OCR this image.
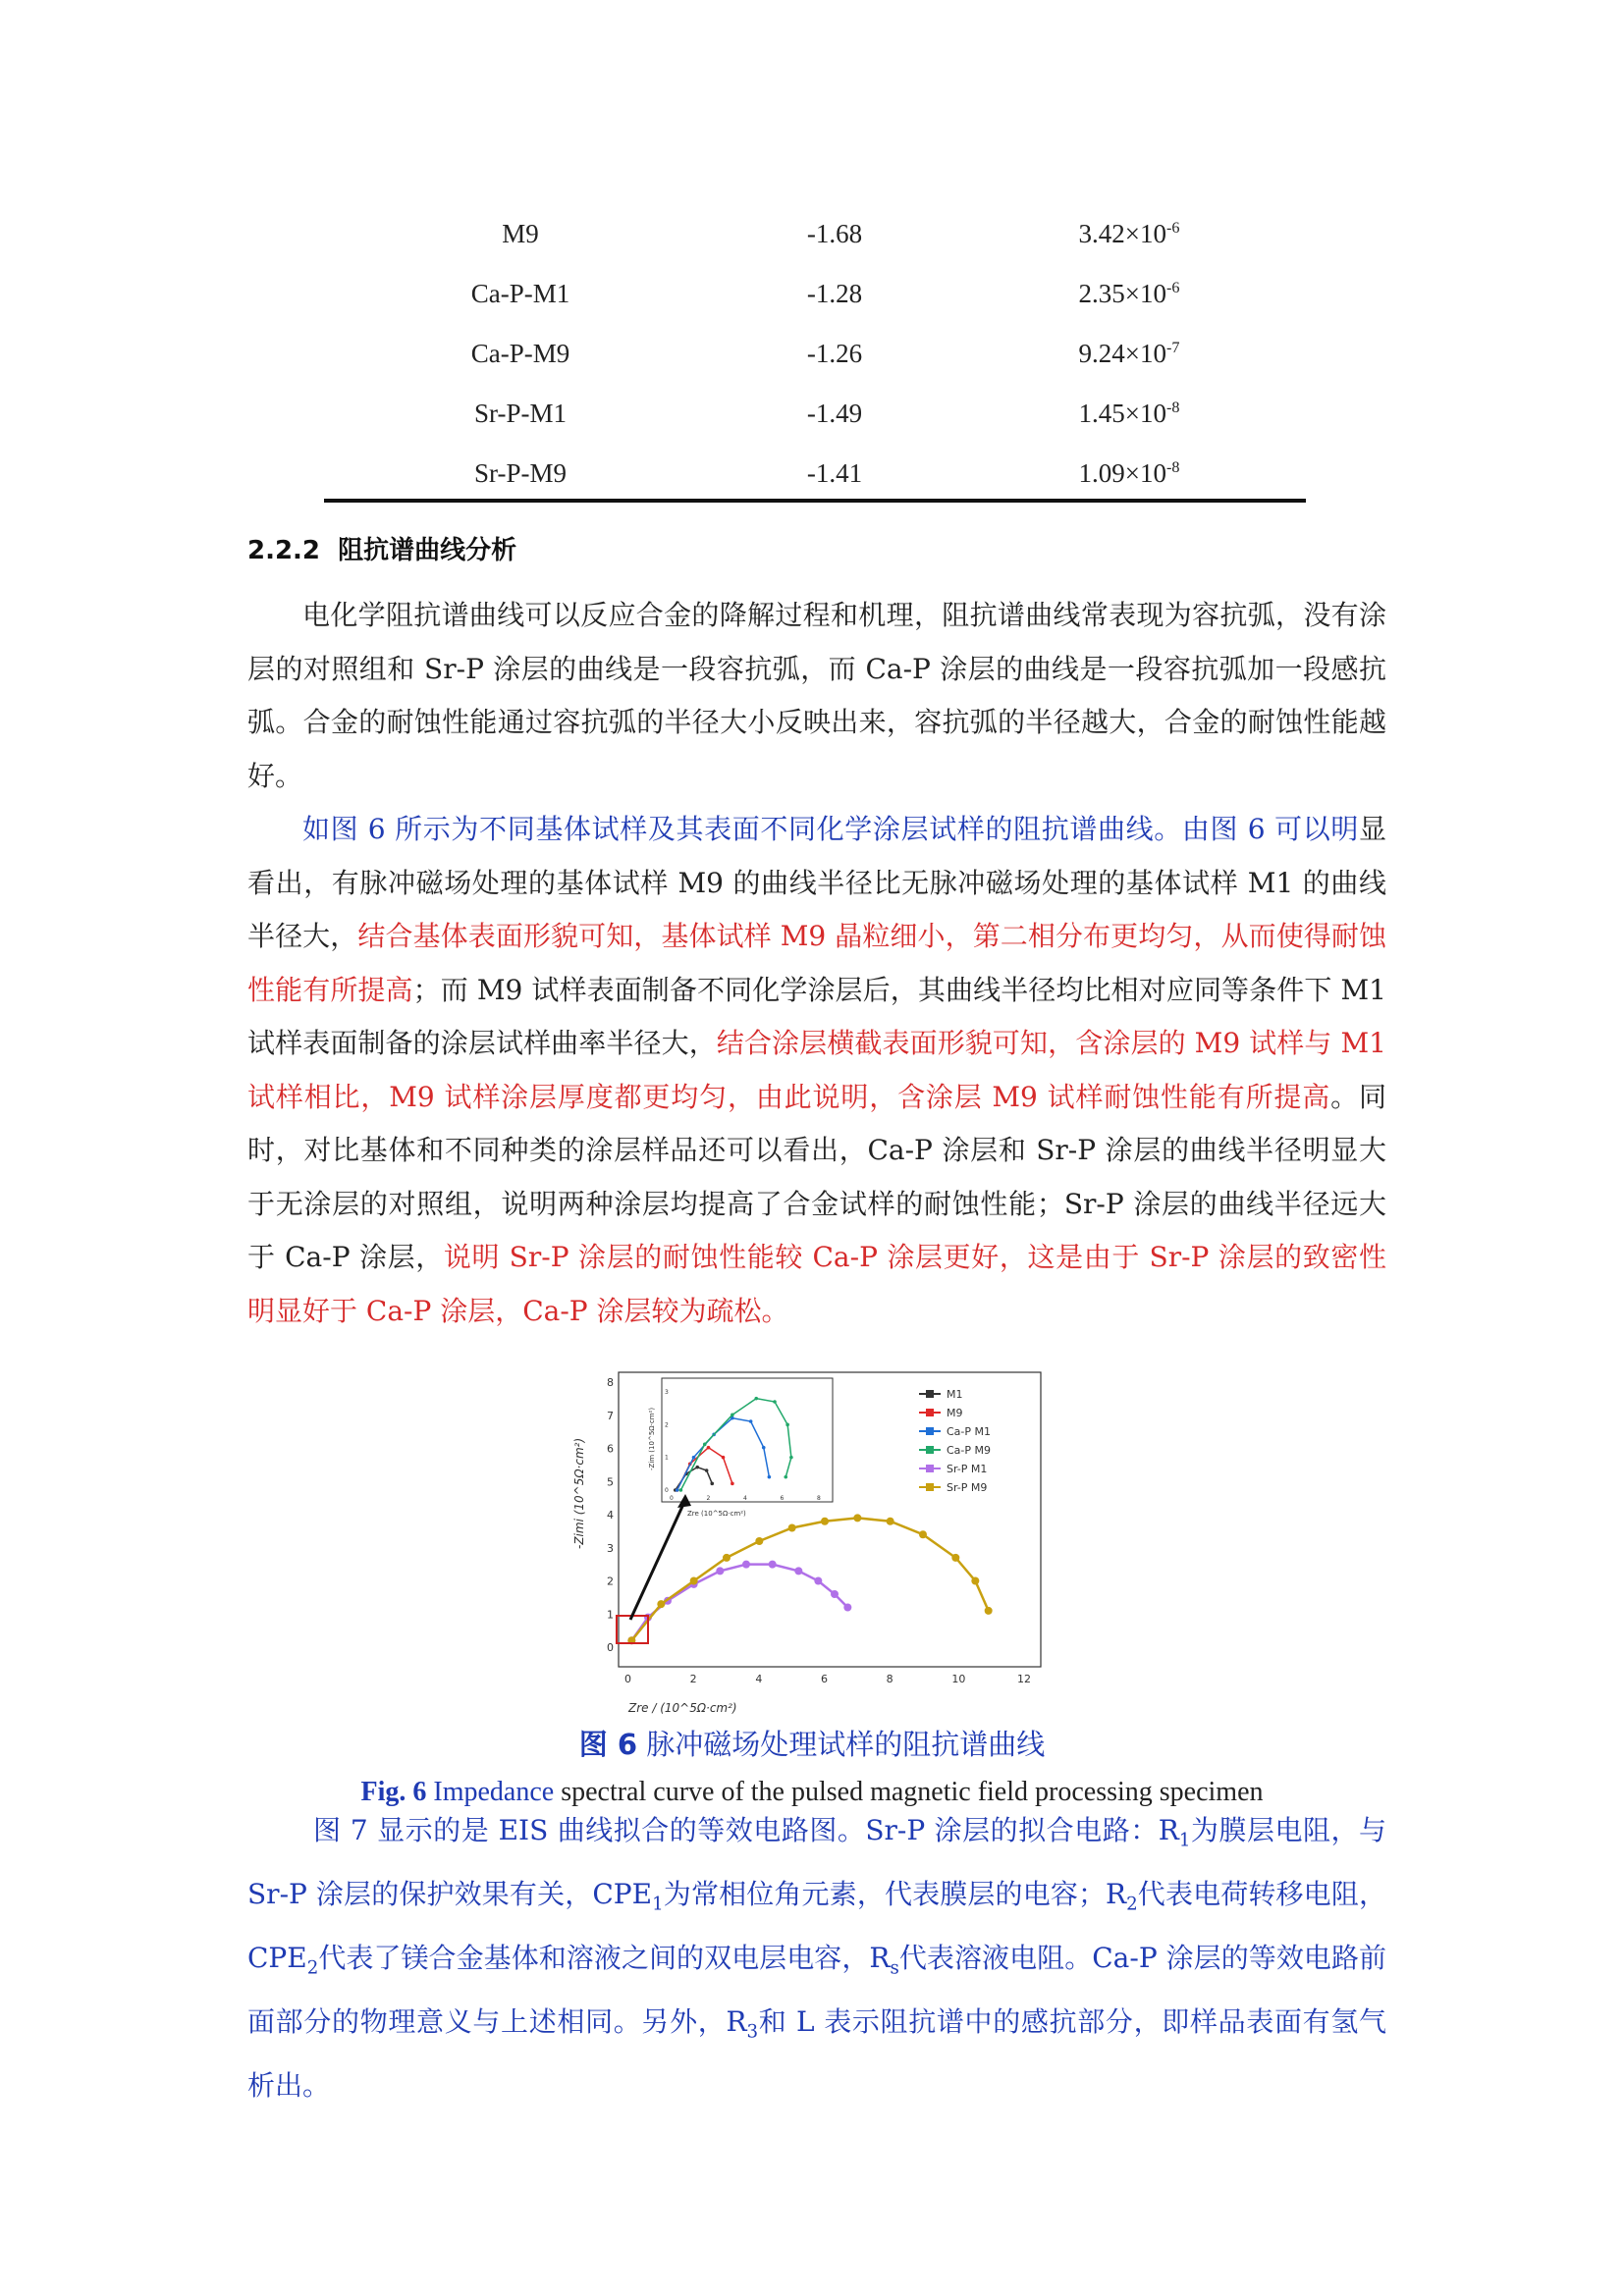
M9	-1.68	$3.42\times 10^{-6}$
Ca-P-M1	-1.28	$2.35\times 10^{-6}$
Ca-P-M9	-1.26	$9.24\times 10^{-7}$
Sr-P-M1	-1.49	$1.45\times 10^{-8}$
Sr-P-M9	-1.41	$1.09\times 10^{-8}$
2.2.2 阻抗谱曲线分析
电化学阻抗谱曲线可以反应合金的降解过程和机理，阻抗谱曲线常表现为容抗弧，没有涂层的对照组和 Sr-P 涂层的曲线是一段容抗弧，而 Ca-P 涂层的曲线是一段容抗弧加一段感抗弧。合金的耐蚀性能通过容抗弧的半径大小反映出来，容抗弧的半径越大，合金的耐蚀性能越好。
如图 6 所示为不同基体试样及其表面不同化学涂层试样的阻抗谱曲线。由图 6 可以明显看出，有脉冲磁场处理的基体试样 M9 的曲线半径比无脉冲磁场处理的基体试样 M1 的曲线半径大，结合基体表面形貌可知，基体试样 M9 晶粒细小，第二相分布更均匀，从而使得耐蚀性能有所提高；而 M9 试样表面制备不同化学涂层后，其曲线半径均比相对应同等条件下 M1 试样表面制备的涂层试样曲率半径大，结合涂层横截表面形貌可知，含涂层的 M9 试样与 M1 试样相比，M9 试样涂层厚度都更均匀，由此说明，含涂层 M9 试样耐蚀性能有所提高。同时，对比基体和不同种类的涂层样品还可以看出，Ca-P 涂层和 Sr-P 涂层的曲线半径明显大于无涂层的对照组，说明两种涂层均提高了合金试样的耐蚀性能；Sr-P 涂层的曲线半径远大于 Ca-P 涂层，说明 Sr-P 涂层的耐蚀性能较 Ca-P 涂层更好，这是由于 Sr-P 涂层的致密性明显好于 Ca-P 涂层，Ca-P 涂层较为疏松。
0
1
2
3
4
5
6
7
8
0	2	4	6	8	10	12
Zre / (10^5Ω·cm²)
-Zimi (10^5Ω·cm²)	Zre (10^5Ω·cm²)
-Zim (10^5Ω·cm²)
0	2	4	6	8
0
1
2
3	M1
M9
Ca-P M1
Ca-P M9
Sr-P M1
Sr-P M9
图 6 脉冲磁场处理试样的阻抗谱曲线
Fig. 6 Impedance spectral curve of the pulsed magnetic field processing specimen
图 7 显示的是 EIS 曲线拟合的等效电路图。Sr-P 涂层的拟合电路：$R_1$为膜层电阻，与 Sr-P 涂层的保护效果有关，$CPE_1$为常相位角元素，代表膜层的电容；$R_2$代表电荷转移电阻，$CPE_2$代表了镁合金基体和溶液之间的双电层电容，$R_s$代表溶液电阻。Ca-P 涂层的等效电路前面部分的物理意义与上述相同。另外，$R_3$和 L 表示阻抗谱中的感抗部分，即样品表面有氢气析出。
